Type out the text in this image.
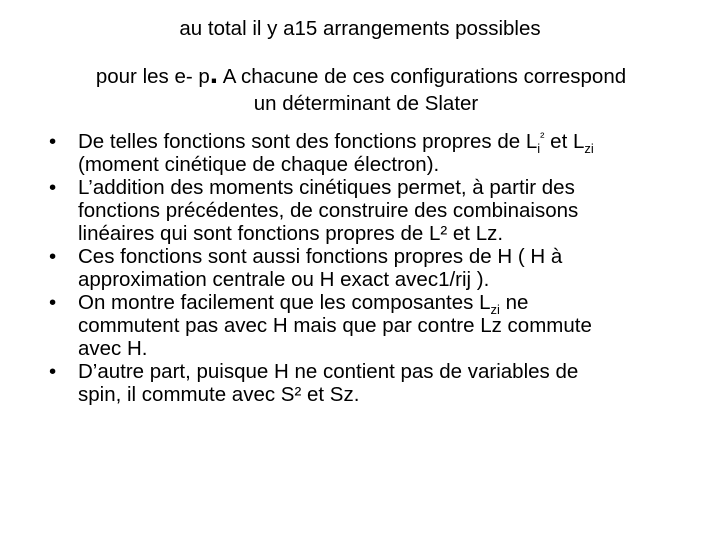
au total il y a15 arrangements possibles
pour les e- p. A chacune de ces configurations correspond
un déterminant de Slater
• De telles fonctions sont des fonctions propres de $L_i^{^2}$ et $L_{zi}$
(moment cinétique de chaque électron).
• L’addition des moments cinétiques permet, à partir des
fonctions précédentes, de construire des combinaisons
linéaires qui sont fonctions propres de L² et Lz.
• Ces fonctions sont aussi fonctions propres de H ( H à
approximation centrale ou H exact avec1/rij ).
• On montre facilement que les composantes $L_{zi}$ ne
commutent pas avec H mais que par contre Lz commute
avec H.
• D’autre part, puisque H ne contient pas de variables de
spin, il commute avec S² et Sz.
